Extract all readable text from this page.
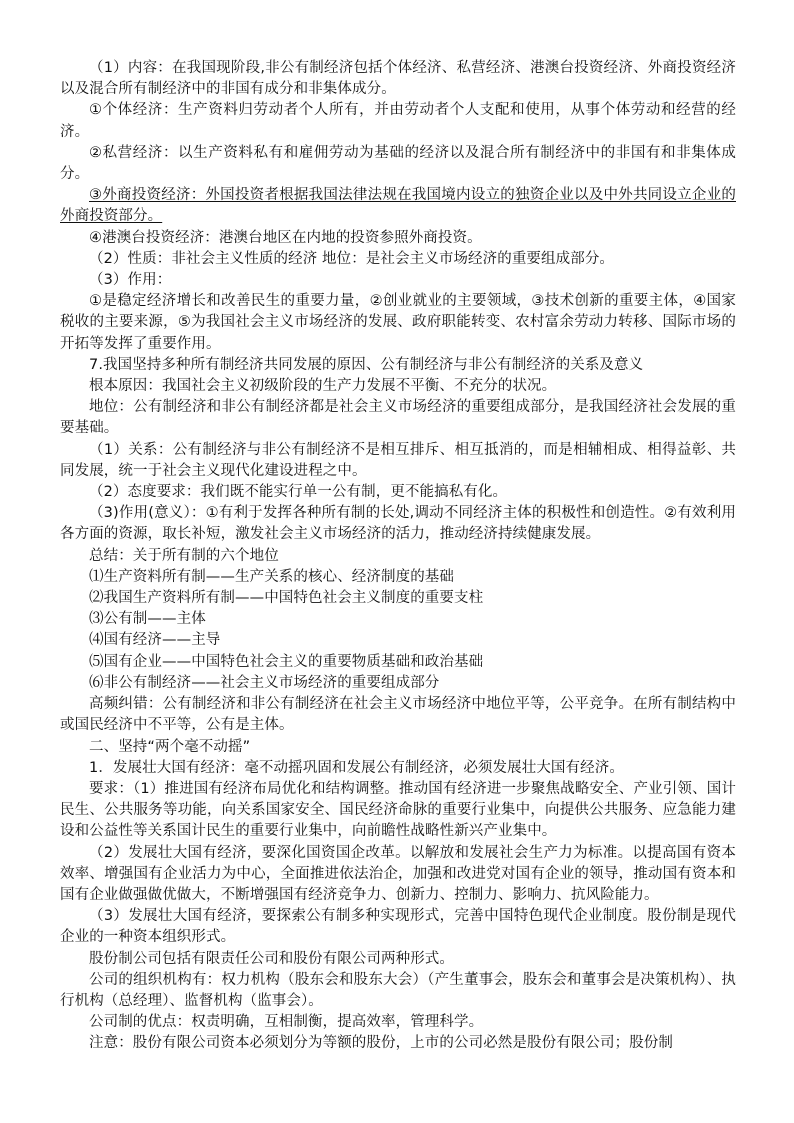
（1）内容：在我国现阶段,非公有制经济包括个体经济、私营经济、港澳台投资经济、外商投资经济以及混合所有制经济中的非国有成分和非集体成分。

①个体经济：生产资料归劳动者个人所有，并由劳动者个人支配和使用，从事个体劳动和经营的经济。

②私营经济：以生产资料私有和雇佣劳动为基础的经济以及混合所有制经济中的非国有和非集体成分。

③外商投资经济：外国投资者根据我国法律法规在我国境内设立的独资企业以及中外共同设立企业的外商投资部分。

④港澳台投资经济：港澳台地区在内地的投资参照外商投资。

（2）性质：非社会主义性质的经济 地位：是社会主义市场经济的重要组成部分。

（3）作用：

①是稳定经济增长和改善民生的重要力量，②创业就业的主要领域，③技术创新的重要主体，④国家税收的主要来源，⑤为我国社会主义市场经济的发展、政府职能转变、农村富余劳动力转移、国际市场的开拓等发挥了重要作用。

7.我国坚持多种所有制经济共同发展的原因、公有制经济与非公有制经济的关系及意义

根本原因：我国社会主义初级阶段的生产力发展不平衡、不充分的状况。

地位：公有制经济和非公有制经济都是社会主义市场经济的重要组成部分，是我国经济社会发展的重要基础。

（1）关系：公有制经济与非公有制经济不是相互排斥、相互抵消的，而是相辅相成、相得益彰、共同发展，统一于社会主义现代化建设进程之中。

（2）态度要求：我们既不能实行单一公有制，更不能搞私有化。

（3)作用(意义）：①有利于发挥各种所有制的长处,调动不同经济主体的积极性和创造性。②有效利用各方面的资源，取长补短，激发社会主义市场经济的活力，推动经济持续健康发展。

总结：关于所有制的六个地位

⑴生产资料所有制——生产关系的核心、经济制度的基础

⑵我国生产资料所有制——中国特色社会主义制度的重要支柱

⑶公有制——主体

⑷国有经济——主导

⑸国有企业——中国特色社会主义的重要物质基础和政治基础

⑹非公有制经济——社会主义市场经济的重要组成部分

高频纠错：公有制经济和非公有制经济在社会主义市场经济中地位平等，公平竞争。在所有制结构中或国民经济中不平等，公有是主体。

二、坚持“两个毫不动摇”

1．发展壮大国有经济：毫不动摇巩固和发展公有制经济，必须发展壮大国有经济。

要求：（1）推进国有经济布局优化和结构调整。推动国有经济进一步聚焦战略安全、产业引领、国计民生、公共服务等功能，向关系国家安全、国民经济命脉的重要行业集中，向提供公共服务、应急能力建设和公益性等关系国计民生的重要行业集中，向前瞻性战略性新兴产业集中。

（2）发展壮大国有经济，要深化国资国企改革。以解放和发展社会生产力为标准。以提高国有资本效率、增强国有企业活力为中心，全面推进依法治企，加强和改进党对国有企业的领导，推动国有资本和国有企业做强做优做大，不断增强国有经济竞争力、创新力、控制力、影响力、抗风险能力。

（3）发展壮大国有经济，要探索公有制多种实现形式，完善中国特色现代企业制度。股份制是现代企业的一种资本组织形式。

股份制公司包括有限责任公司和股份有限公司两种形式。

公司的组织机构有：权力机构（股东会和股东大会）（产生董事会，股东会和董事会是决策机构）、执行机构（总经理）、监督机构（监事会）。

公司制的优点：权责明确，互相制衡，提高效率，管理科学。

注意：股份有限公司资本必须划分为等额的股份，上市的公司必然是股份有限公司；股份制
